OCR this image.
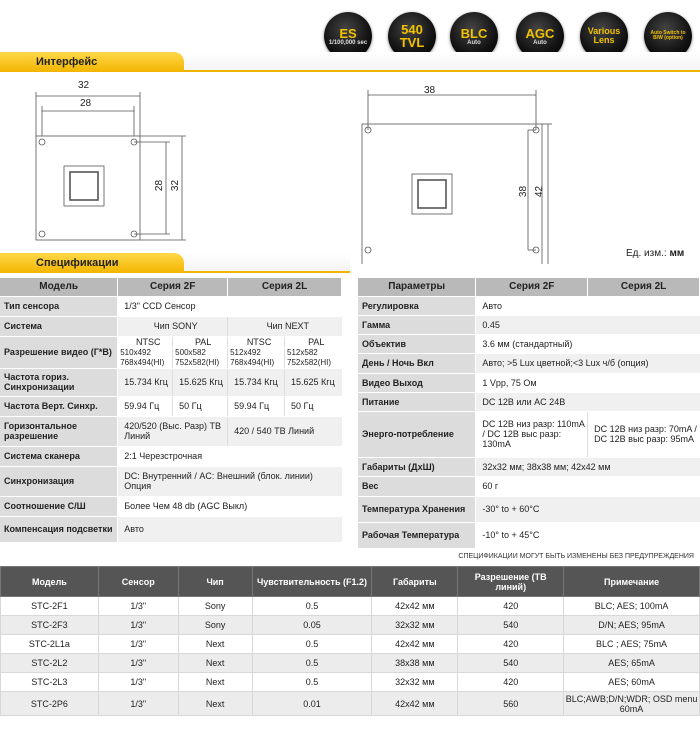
ES
1/100,000 sec
540
TVL
BLC
Auto
AGC
Auto
Various
Lens
Auto Switch to B/W (option)
Интерфейс
32
28
28 32
38
38 42
Ед. изм.: мм
Спецификации
Модель	Серия 2F		Серия 2L	
Тип сенсора	1/3" CCD Сенсор			
Система	Чип SONY		Чип NEXT	
Разрешение видео (Г*В)	NTSC	PAL	NTSC	PAL
	510x492 768x494(HI)	500x582 752x582(HI)	512x492 768x494(HI)	512x582 752x582(HI)
Частота гориз. Синхронизации	15.734 Кгц	15.625 Кгц	15.734 Кгц	15.625 Кгц
Частота Верт. Синхр.	59.94 Гц	50 Гц	59.94 Гц	50 Гц
Горизонтальное разрешение	420/520 (Выс. Разр) ТВ Линий		420 / 540 ТВ Линий	
Система сканера	2:1 Черезстрочная			
Синхронизация	DC: Внутренний / AC: Внешний (блок. линии) Опция			
Соотношение С/Ш	Более Чем 48 db (AGC Выкл)			
Компенсация подсветки	Авто			
Параметры	Серия 2F	Серия 2L
Регулировка	Авто	
Гамма	0.45	
Объектив	3.6 мм (стандартный)	
День / Ночь Вкл	Авто; >5 Lux цветной;<3 Lux ч/б (опция)	
Видео Выход	1 Vpp, 75 Ом	
Питание	DC 12В или AC 24В	
Энерго-потребление	DC 12В низ разр: 110mA / DC 12В выс разр: 130mA	DC 12В низ разр: 70mA / DC 12В выс разр: 95mA
Габариты (ДхШ)	32x32 мм; 38x38 мм; 42x42 мм	
Вес	60 г	
Температура Хранения	-30° to + 60°C	
Рабочая Температура	-10° to + 45°C	
СПЕЦИФИКАЦИИ МОГУТ БЫТЬ ИЗМЕНЕНЫ БЕЗ ПРЕДУПРЕЖДЕНИЯ
Модель	Сенсор	Чип	Чувствительность (F1.2)	Габариты	Разрешение (ТВ линий)	Примечание
STC-2F1	1/3"	Sony	0.5	42x42 мм	420	BLC; AES; 100mA
STC-2F3	1/3"	Sony	0.05	32x32 мм	540	D/N; AES; 95mA
STC-2L1a	1/3"	Next	0.5	42x42 мм	420	BLC ; AES; 75mA
STC-2L2	1/3"	Next	0.5	38x38 мм	540	AES; 65mA
STC-2L3	1/3"	Next	0.5	32x32 мм	420	AES; 60mA
STC-2P6	1/3"	Next	0.01	42x42 мм	560	BLC;AWB;D/N;WDR; OSD menu 60mA
